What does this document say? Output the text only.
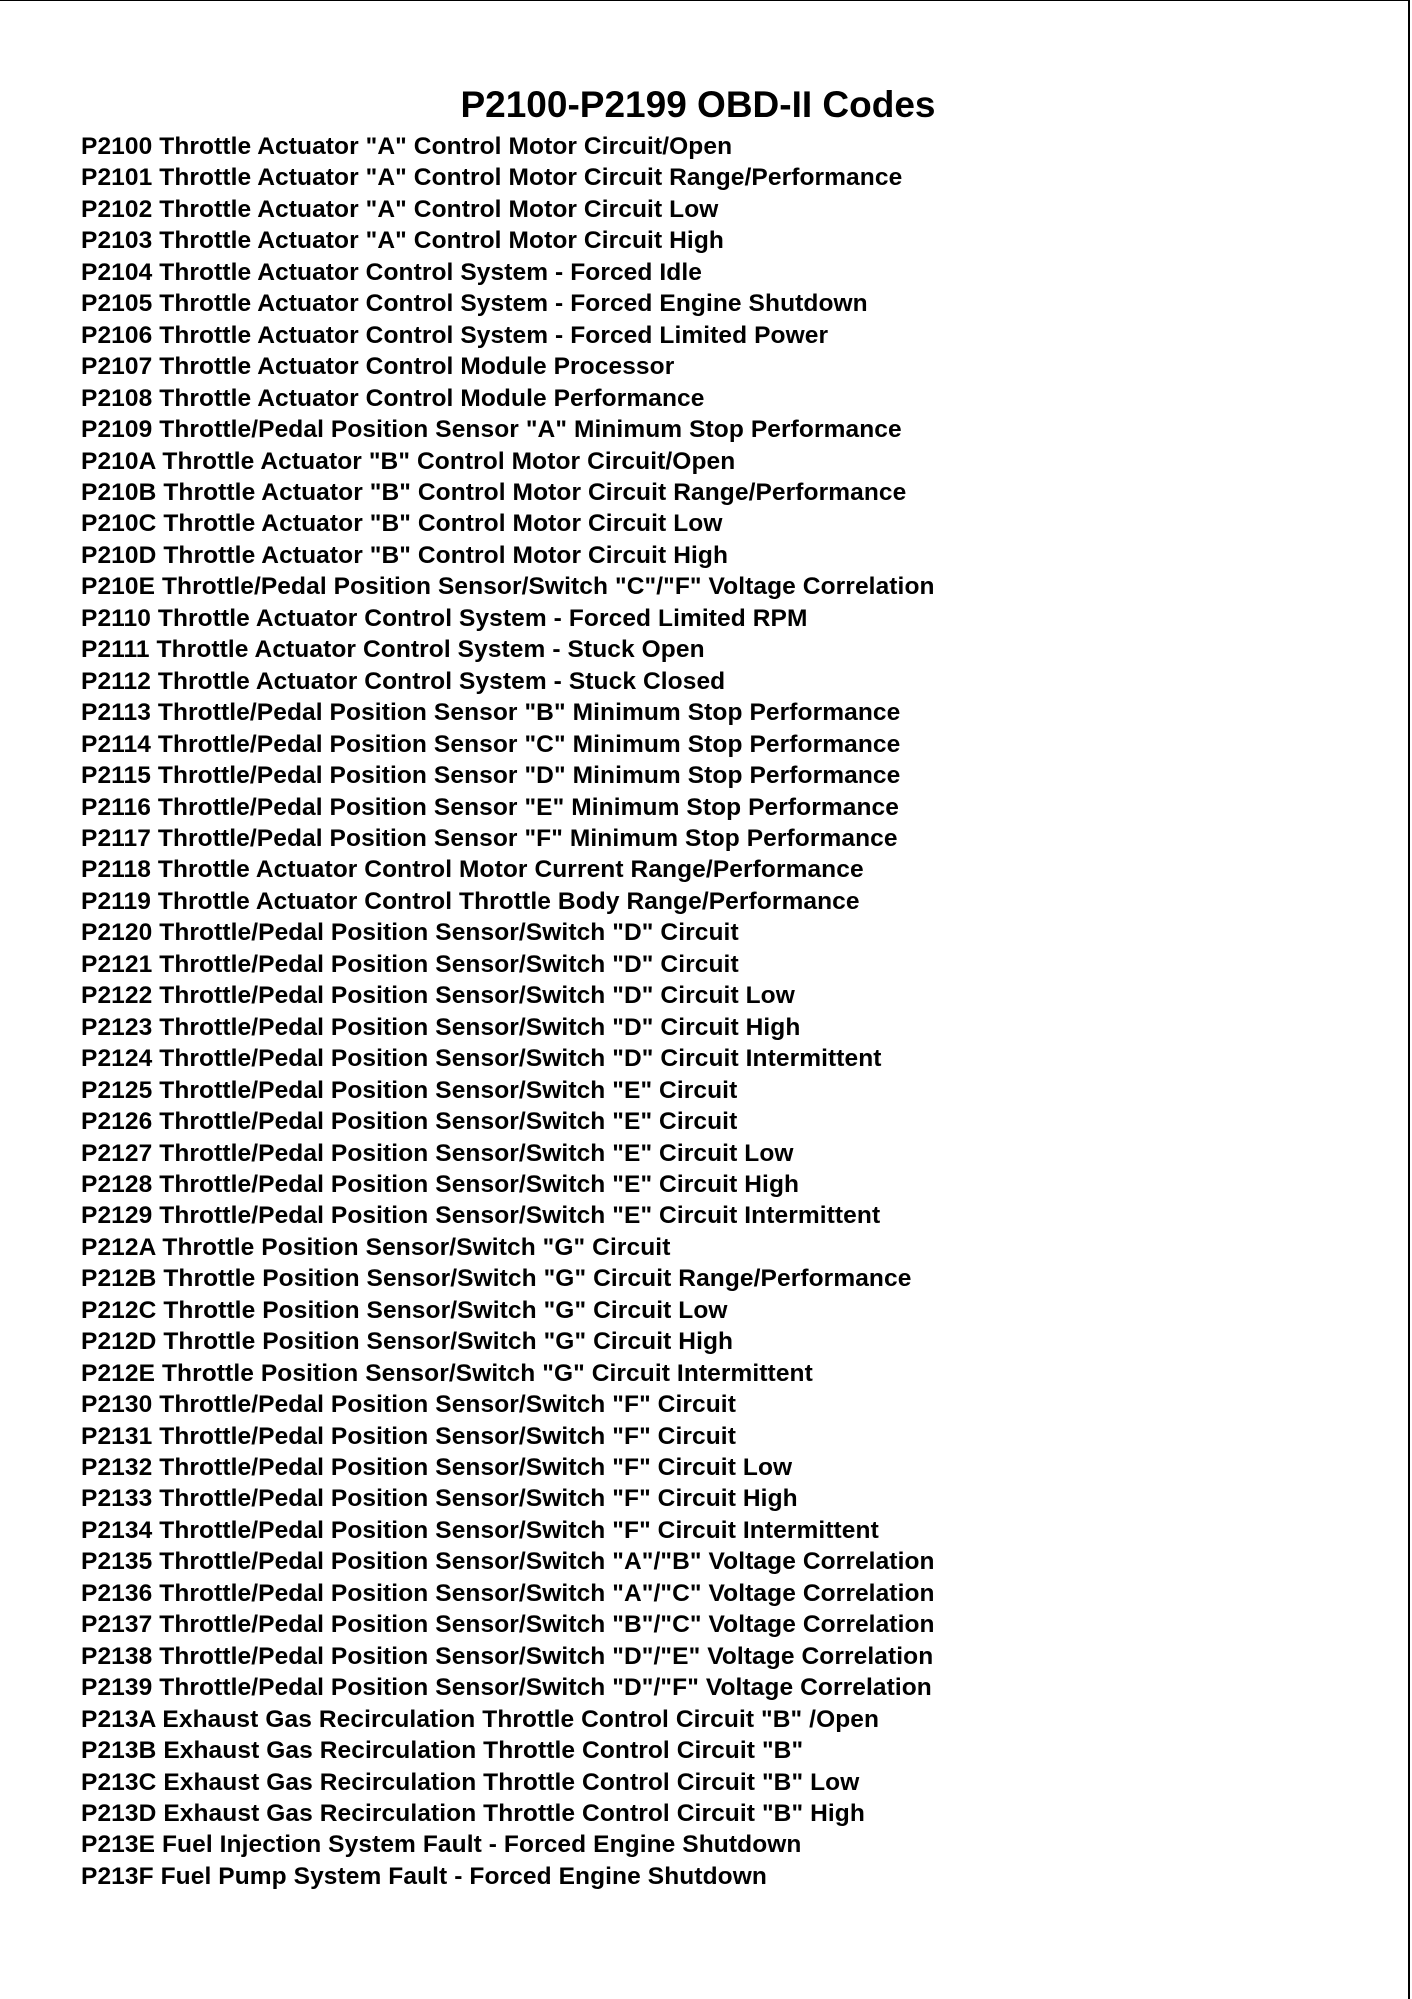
P2100-P2199 OBD-II Codes
P2100 Throttle Actuator "A" Control Motor Circuit/Open
P2101 Throttle Actuator "A" Control Motor Circuit Range/Performance
P2102 Throttle Actuator "A" Control Motor Circuit Low
P2103 Throttle Actuator "A" Control Motor Circuit High
P2104 Throttle Actuator Control System - Forced Idle
P2105 Throttle Actuator Control System - Forced Engine Shutdown
P2106 Throttle Actuator Control System - Forced Limited Power
P2107 Throttle Actuator Control Module Processor
P2108 Throttle Actuator Control Module Performance
P2109 Throttle/Pedal Position Sensor "A" Minimum Stop Performance
P210A Throttle Actuator "B" Control Motor Circuit/Open
P210B Throttle Actuator "B" Control Motor Circuit Range/Performance
P210C Throttle Actuator "B" Control Motor Circuit Low
P210D Throttle Actuator "B" Control Motor Circuit High
P210E Throttle/Pedal Position Sensor/Switch "C"/"F" Voltage Correlation
P2110 Throttle Actuator Control System - Forced Limited RPM
P2111 Throttle Actuator Control System - Stuck Open
P2112 Throttle Actuator Control System - Stuck Closed
P2113 Throttle/Pedal Position Sensor "B" Minimum Stop Performance
P2114 Throttle/Pedal Position Sensor "C" Minimum Stop Performance
P2115 Throttle/Pedal Position Sensor "D" Minimum Stop Performance
P2116 Throttle/Pedal Position Sensor "E" Minimum Stop Performance
P2117 Throttle/Pedal Position Sensor "F" Minimum Stop Performance
P2118 Throttle Actuator Control Motor Current Range/Performance
P2119 Throttle Actuator Control Throttle Body Range/Performance
P2120 Throttle/Pedal Position Sensor/Switch "D" Circuit
P2121 Throttle/Pedal Position Sensor/Switch "D" Circuit
P2122 Throttle/Pedal Position Sensor/Switch "D" Circuit Low
P2123 Throttle/Pedal Position Sensor/Switch "D" Circuit High
P2124 Throttle/Pedal Position Sensor/Switch "D" Circuit Intermittent
P2125 Throttle/Pedal Position Sensor/Switch "E" Circuit
P2126 Throttle/Pedal Position Sensor/Switch "E" Circuit
P2127 Throttle/Pedal Position Sensor/Switch "E" Circuit Low
P2128 Throttle/Pedal Position Sensor/Switch "E" Circuit High
P2129 Throttle/Pedal Position Sensor/Switch "E" Circuit Intermittent
P212A Throttle Position Sensor/Switch "G" Circuit
P212B Throttle Position Sensor/Switch "G" Circuit Range/Performance
P212C Throttle Position Sensor/Switch "G" Circuit Low
P212D Throttle Position Sensor/Switch "G" Circuit High
P212E Throttle Position Sensor/Switch "G" Circuit Intermittent
P2130 Throttle/Pedal Position Sensor/Switch "F" Circuit
P2131 Throttle/Pedal Position Sensor/Switch "F" Circuit
P2132 Throttle/Pedal Position Sensor/Switch "F" Circuit Low
P2133 Throttle/Pedal Position Sensor/Switch "F" Circuit High
P2134 Throttle/Pedal Position Sensor/Switch "F" Circuit Intermittent
P2135 Throttle/Pedal Position Sensor/Switch "A"/"B" Voltage Correlation
P2136 Throttle/Pedal Position Sensor/Switch "A"/"C" Voltage Correlation
P2137 Throttle/Pedal Position Sensor/Switch "B"/"C" Voltage Correlation
P2138 Throttle/Pedal Position Sensor/Switch "D"/"E" Voltage Correlation
P2139 Throttle/Pedal Position Sensor/Switch "D"/"F" Voltage Correlation
P213A Exhaust Gas Recirculation Throttle Control Circuit "B" /Open
P213B Exhaust Gas Recirculation Throttle Control Circuit "B"
P213C Exhaust Gas Recirculation Throttle Control Circuit "B" Low
P213D Exhaust Gas Recirculation Throttle Control Circuit "B" High
P213E Fuel Injection System Fault - Forced Engine Shutdown
P213F Fuel Pump System Fault - Forced Engine Shutdown
